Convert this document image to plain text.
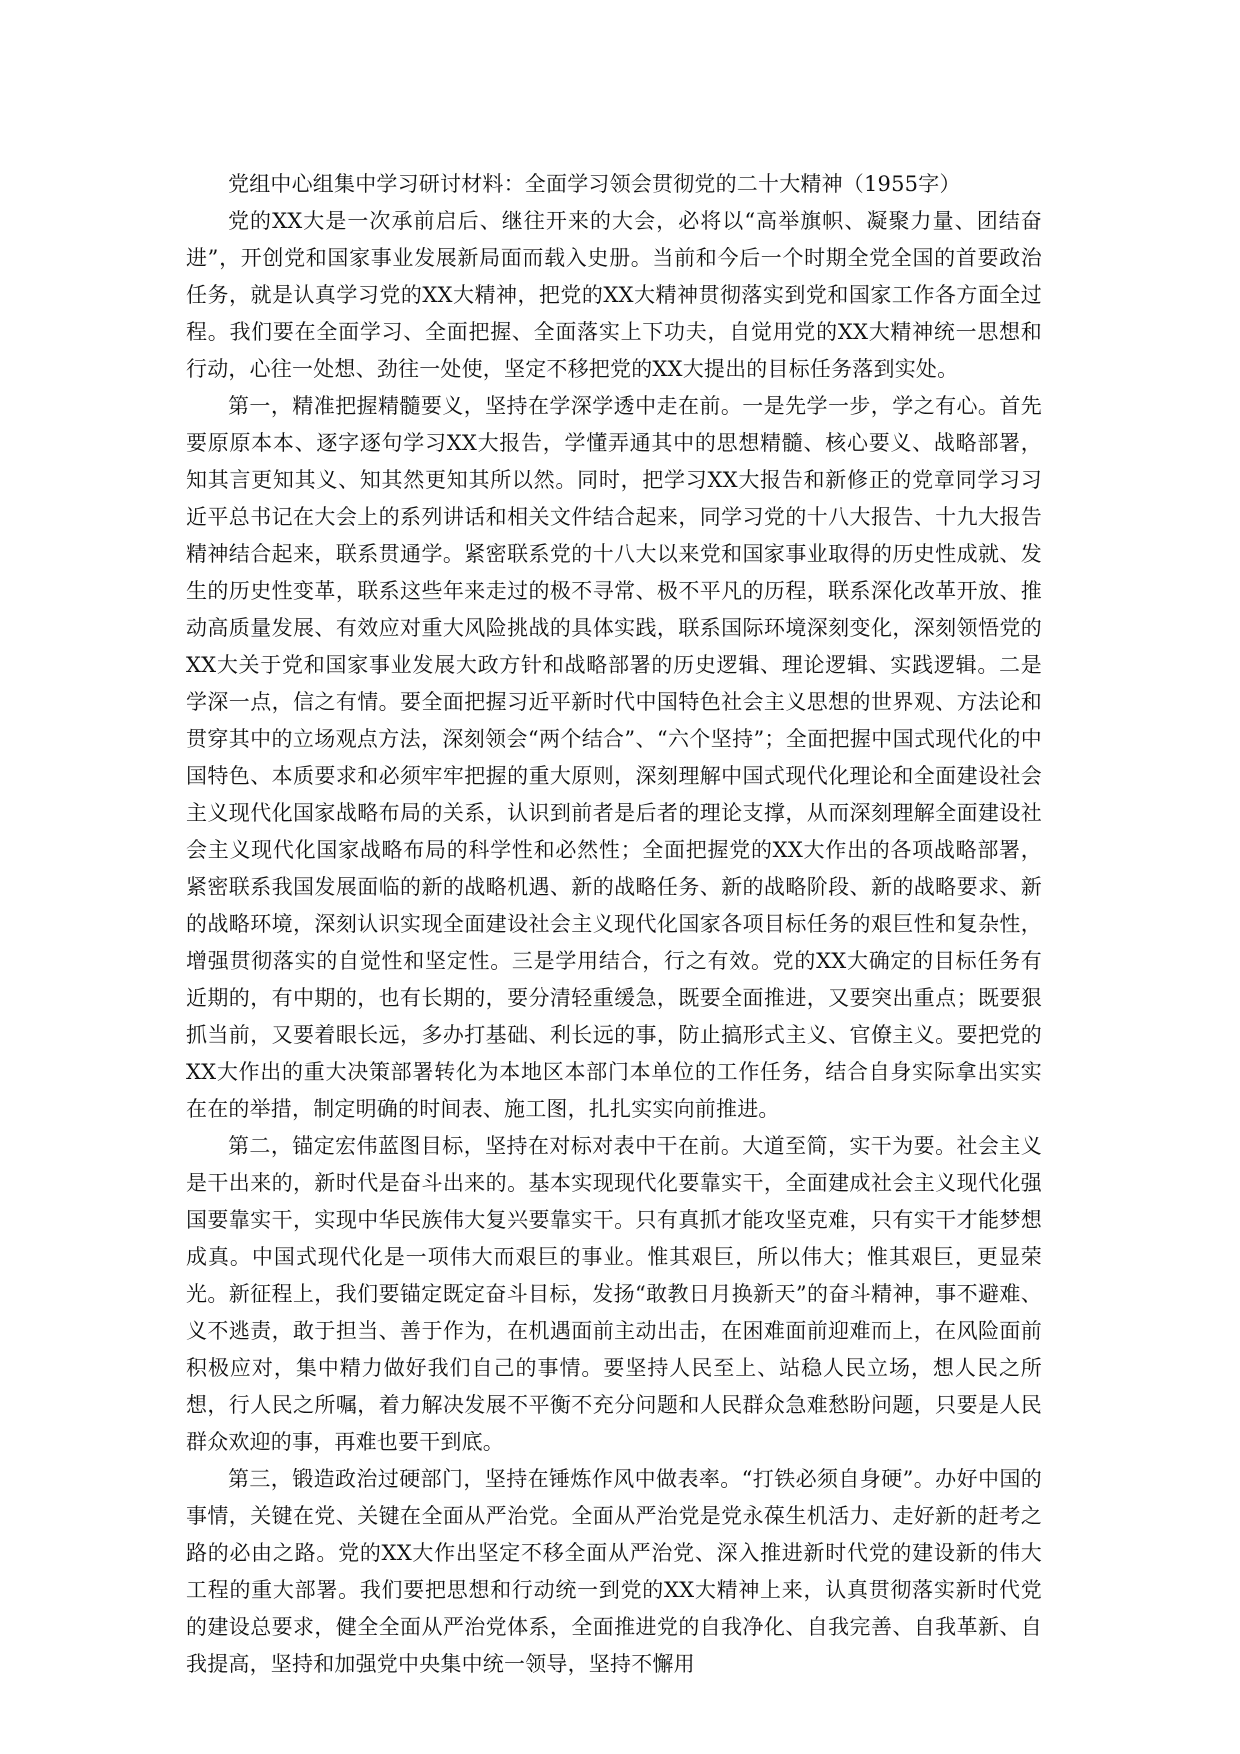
党组中心组集中学习研讨材料：全面学习领会贯彻党的二十大精神（1955字）

党的XX大是一次承前启后、继往开来的大会，必将以“高举旗帜、凝聚力量、团结奋进”，开创党和国家事业发展新局面而载入史册。当前和今后一个时期全党全国的首要政治任务，就是认真学习党的XX大精神，把党的XX大精神贯彻落实到党和国家工作各方面全过程。我们要在全面学习、全面把握、全面落实上下功夫，自觉用党的XX大精神统一思想和行动，心往一处想、劲往一处使，坚定不移把党的XX大提出的目标任务落到实处。

第一，精准把握精髓要义，坚持在学深学透中走在前。一是先学一步，学之有心。首先要原原本本、逐字逐句学习XX大报告，学懂弄通其中的思想精髓、核心要义、战略部署，知其言更知其义、知其然更知其所以然。同时，把学习XX大报告和新修正的党章同学习习近平总书记在大会上的系列讲话和相关文件结合起来，同学习党的十八大报告、十九大报告精神结合起来，联系贯通学。紧密联系党的十八大以来党和国家事业取得的历史性成就、发生的历史性变革，联系这些年来走过的极不寻常、极不平凡的历程，联系深化改革开放、推动高质量发展、有效应对重大风险挑战的具体实践，联系国际环境深刻变化，深刻领悟党的XX大关于党和国家事业发展大政方针和战略部署的历史逻辑、理论逻辑、实践逻辑。二是学深一点，信之有情。要全面把握习近平新时代中国特色社会主义思想的世界观、方法论和贯穿其中的立场观点方法，深刻领会“两个结合”、“六个坚持”；全面把握中国式现代化的中国特色、本质要求和必须牢牢把握的重大原则，深刻理解中国式现代化理论和全面建设社会主义现代化国家战略布局的关系，认识到前者是后者的理论支撑，从而深刻理解全面建设社会主义现代化国家战略布局的科学性和必然性；全面把握党的XX大作出的各项战略部署，紧密联系我国发展面临的新的战略机遇、新的战略任务、新的战略阶段、新的战略要求、新的战略环境，深刻认识实现全面建设社会主义现代化国家各项目标任务的艰巨性和复杂性，增强贯彻落实的自觉性和坚定性。三是学用结合，行之有效。党的XX大确定的目标任务有近期的，有中期的，也有长期的，要分清轻重缓急，既要全面推进，又要突出重点；既要狠抓当前，又要着眼长远，多办打基础、利长远的事，防止搞形式主义、官僚主义。要把党的XX大作出的重大决策部署转化为本地区本部门本单位的工作任务，结合自身实际拿出实实在在的举措，制定明确的时间表、施工图，扎扎实实向前推进。

第二，锚定宏伟蓝图目标，坚持在对标对表中干在前。大道至简，实干为要。社会主义是干出来的，新时代是奋斗出来的。基本实现现代化要靠实干，全面建成社会主义现代化强国要靠实干，实现中华民族伟大复兴要靠实干。只有真抓才能攻坚克难，只有实干才能梦想成真。中国式现代化是一项伟大而艰巨的事业。惟其艰巨，所以伟大；惟其艰巨，更显荣光。新征程上，我们要锚定既定奋斗目标，发扬“敢教日月换新天”的奋斗精神，事不避难、义不逃责，敢于担当、善于作为，在机遇面前主动出击，在困难面前迎难而上，在风险面前积极应对，集中精力做好我们自己的事情。要坚持人民至上、站稳人民立场，想人民之所想，行人民之所嘱，着力解决发展不平衡不充分问题和人民群众急难愁盼问题，只要是人民群众欢迎的事，再难也要干到底。

第三，锻造政治过硬部门，坚持在锤炼作风中做表率。“打铁必须自身硬”。办好中国的事情，关键在党、关键在全面从严治党。全面从严治党是党永葆生机活力、走好新的赶考之路的必由之路。党的XX大作出坚定不移全面从严治党、深入推进新时代党的建设新的伟大工程的重大部署。我们要把思想和行动统一到党的XX大精神上来，认真贯彻落实新时代党的建设总要求，健全全面从严治党体系，全面推进党的自我净化、自我完善、自我革新、自我提高，坚持和加强党中央集中统一领导，坚持不懈用
